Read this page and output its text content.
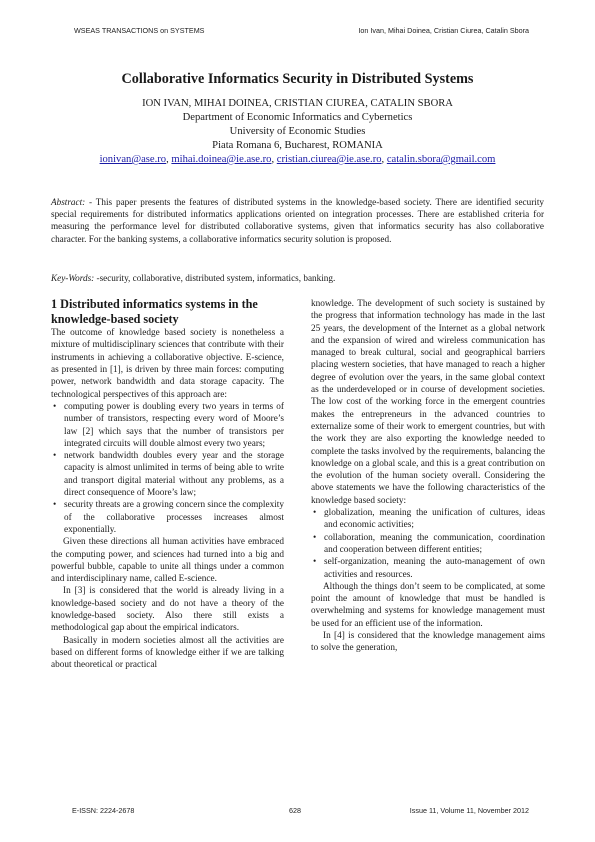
WSEAS TRANSACTIONS on SYSTEMS	Ion Ivan, Mihai Doinea, Cristian Ciurea, Catalin Sbora
Collaborative Informatics Security in Distributed Systems
ION IVAN, MIHAI DOINEA, CRISTIAN CIUREA, CATALIN SBORA
Department of Economic Informatics and Cybernetics
University of Economic Studies
Piata Romana 6, Bucharest, ROMANIA
ionivan@ase.ro, mihai.doinea@ie.ase.ro, cristian.ciurea@ie.ase.ro, catalin.sbora@gmail.com

Abstract: - This paper presents the features of distributed systems in the knowledge-based society. There are identified security special requirements for distributed informatics applications oriented on integration processes. There are established criteria for measuring the performance level for distributed collaborative systems, given that informatics security has also collaborative character. For the banking systems, a collaborative informatics security solution is proposed.

Key-Words: -security, collaborative, distributed system, informatics, banking.

1 Distributed informatics systems in the knowledge-based society

The outcome of knowledge based society is nonetheless a mixture of multidisciplinary sciences that contribute with their instruments in achieving a collaborative objective. E-science, as presented in [1], is driven by three main forces: computing power, network bandwidth and data storage capacity. The technological perspectives of this approach are:

• computing power is doubling every two years in terms of number of transistors, respecting every word of Moore’s law [2] which says that the number of transistors per integrated circuits will double almost every two years;
• network bandwidth doubles every year and the storage capacity is almost unlimited in terms of being able to write and transport digital material without any problems, as a direct consequence of Moore’s law;
• security threats are a growing concern since the complexity of the collaborative processes increases almost exponentially.

Given these directions all human activities have embraced the computing power, and sciences had turned into a big and powerful bubble, capable to unite all things under a common and interdisciplinary name, called E-science.

In [3] is considered that the world is already living in a knowledge-based society and do not have a theory of the knowledge-based society. Also there still exists a methodological gap about the empirical indicators.

Basically in modern societies almost all the activities are based on different forms of knowledge either if we are talking about theoretical or practical

knowledge. The development of such society is sustained by the progress that information technology has made in the last 25 years, the development of the Internet as a global network and the expansion of wired and wireless communication has managed to break cultural, social and geographical barriers placing western societies, that have managed to reach a higher degree of evolution over the years, in the same global context as the underdeveloped or in course of development societies. The low cost of the working force in the emergent countries makes the entrepreneurs in the advanced countries to externalize some of their work to emergent countries, but with the work they are also exporting the knowledge needed to complete the tasks involved by the requirements, balancing the knowledge on a global scale, and this is a great contribution on the evolution of the human society overall. Considering the above statements we have the following characteristics of the knowledge based society:

• globalization, meaning the unification of cultures, ideas and economic activities;
• collaboration, meaning the communication, coordination and cooperation between different entities;
• self-organization, meaning the auto-management of own activities and resources.

Although the things don’t seem to be complicated, at some point the amount of knowledge that must be handled is overwhelming and systems for knowledge management must be used for an efficient use of the information.

In [4] is considered that the knowledge management aims to solve the generation,

E-ISSN: 2224-2678	628	Issue 11, Volume 11, November 2012
